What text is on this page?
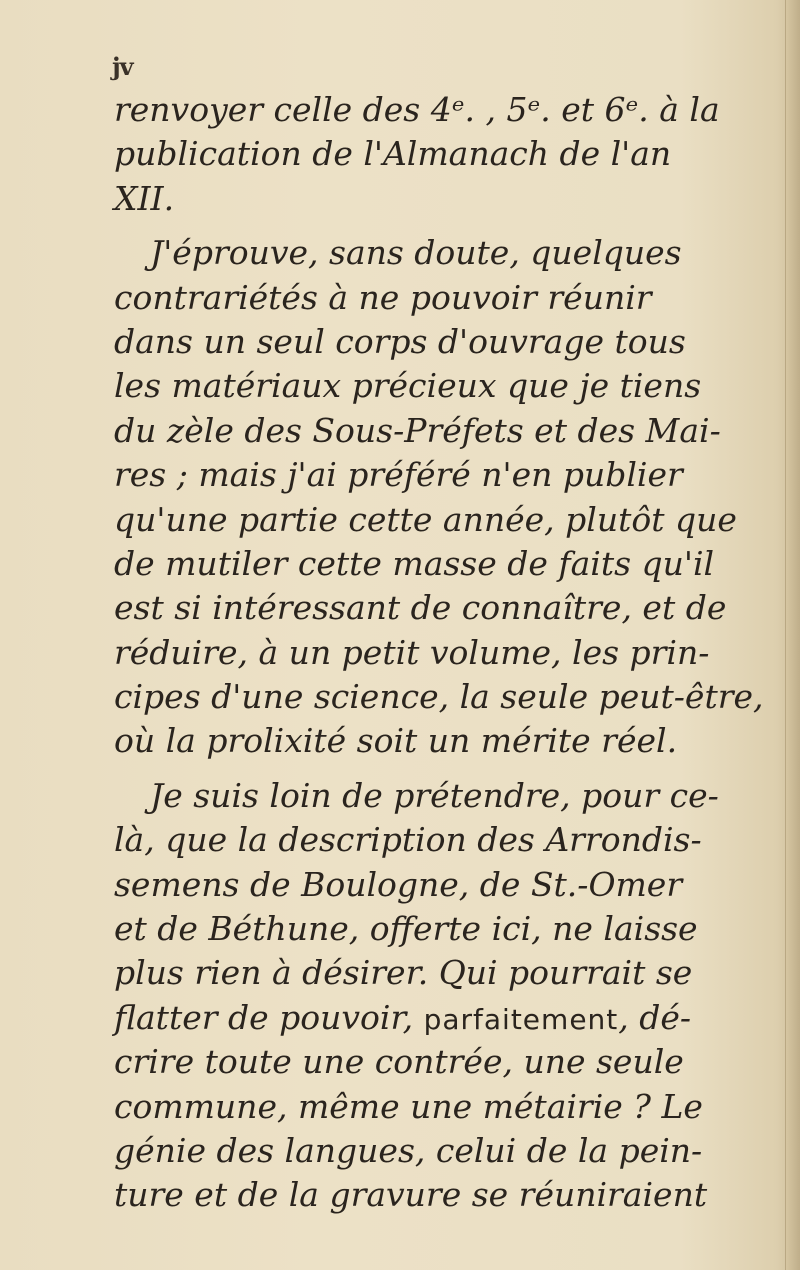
jv
renvoyer celle des 4ᵉ. , 5ᵉ. et 6ᵉ. à la
publication de l'Almanach de l'an
XII.
J'éprouve, sans doute, quelques
contrariétés à ne pouvoir réunir
dans un seul corps d'ouvrage tous
les matériaux précieux que je tiens
du zèle des Sous-Préfets et des Mai-
res ; mais j'ai préféré n'en publier
qu'une partie cette année, plutôt que
de mutiler cette masse de faits qu'il
est si intéressant de connaître, et de
réduire, à un petit volume, les prin-
cipes d'une science, la seule peut-être,
où la prolixité soit un mérite réel.
Je suis loin de prétendre, pour ce-
là, que la description des Arrondis-
semens de Boulogne, de St.-Omer
et de Béthune, offerte ici, ne laisse
plus rien à désirer. Qui pourrait se
flatter de pouvoir, parfaitement, dé-
crire toute une contrée, une seule
commune, même une métairie ? Le
génie des langues, celui de la pein-
ture et de la gravure se réuniraient
